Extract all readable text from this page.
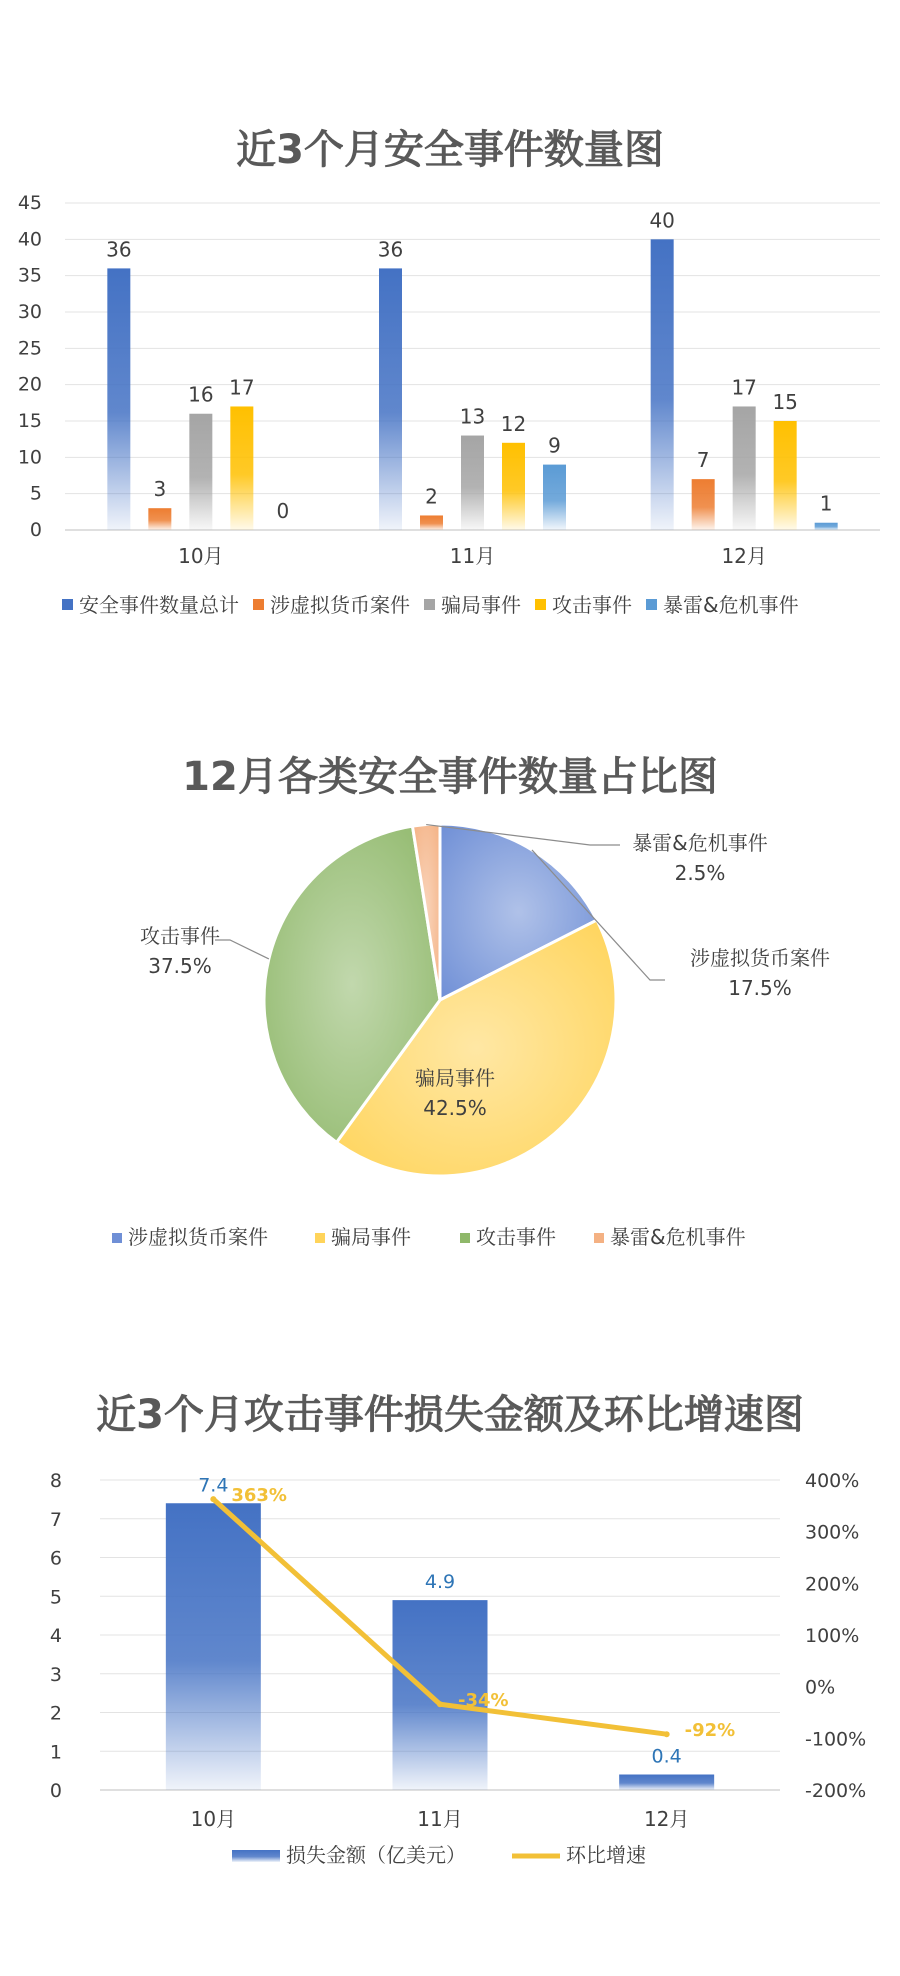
近3个月安全事件数量图
0
5
10
15
20
25
30
35
40
45
36
3
16 17
0
10月
36
2
13 12
9
11月
40
7
17
15
1
12月
安全事件数量总计 涉虚拟货币案件 骗局事件 攻击事件 暴雷&危机事件
12月各类安全事件数量占比图
涉虚拟货币案件
17.5%
骗局事件
42.5%
攻击事件
37.5%
暴雷&危机事件
2.5%
涉虚拟货币案件	骗局事件	攻击事件	暴雷&危机事件
近3个月攻击事件损失金额及环比增速图
0
1
2
3
4
5
6
7
8
-200%
-100%
0%
100%
200%
300%
400%
7.4
10月
4.9
11月
0.4
12月
363%
-34%
-92%
损失金额（亿美元）	环比增速
